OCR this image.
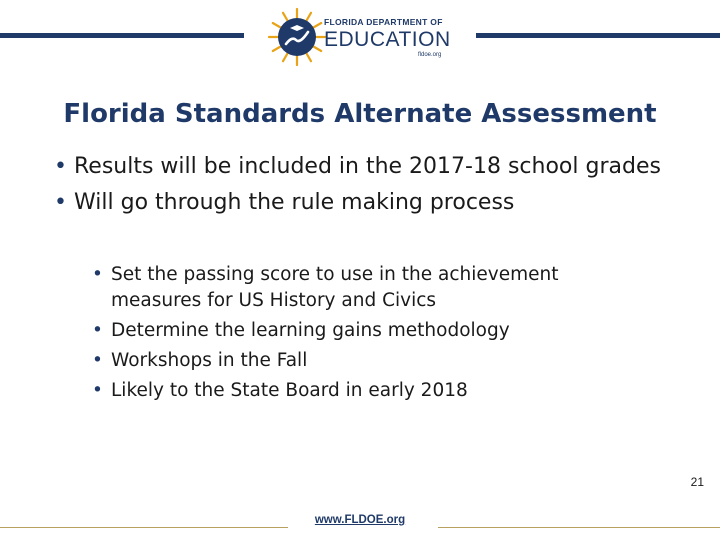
FLORIDA DEPARTMENT OF
EDUCATION
fldoe.org
Florida Standards Alternate Assessment
• Results will be included in the 2017-18 school grades
• Will go through the rule making process
• Set the passing score to use in the achievement measures for US History and Civics
• Determine the learning gains methodology
• Workshops in the Fall
• Likely to the State Board in early 2018
www.FLDOE.org
21
